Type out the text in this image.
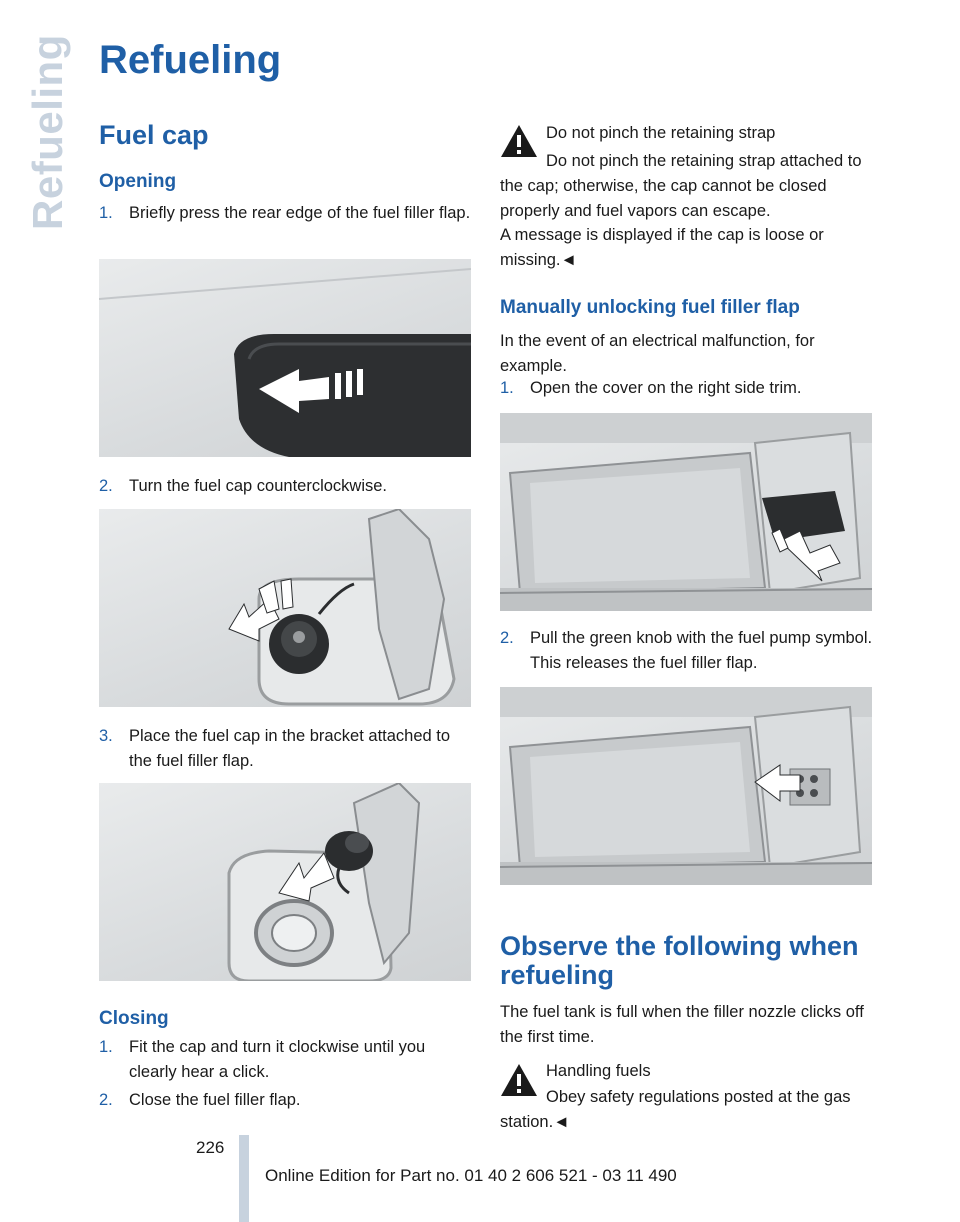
Refueling Refueling
Fuel cap
Opening
1. Briefly press the rear edge of the fuel filler flap.
2. Turn the fuel cap counterclockwise.
3. Place the fuel cap in the bracket attached to the fuel filler flap.
Closing
1. Fit the cap and turn it clockwise until you clearly hear a click.
2. Close the fuel filler flap.

Do not pinch the retaining strap

Do not pinch the retaining strap attached to the cap; otherwise, the cap cannot be closed properly and fuel vapors can escape.

A message is displayed if the cap is loose or missing.◄

Manually unlocking fuel filler flap

In the event of an electrical malfunction, for example.

1. Open the cover on the right side trim.
2. Pull the green knob with the fuel pump symbol. This releases the fuel filler flap.
Observe the following when refueling

The fuel tank is full when the filler nozzle clicks off the first time.

Handling fuels

Obey safety regulations posted at the gas station.◄

226
Online Edition for Part no. 01 40 2 606 521 - 03 11 490
